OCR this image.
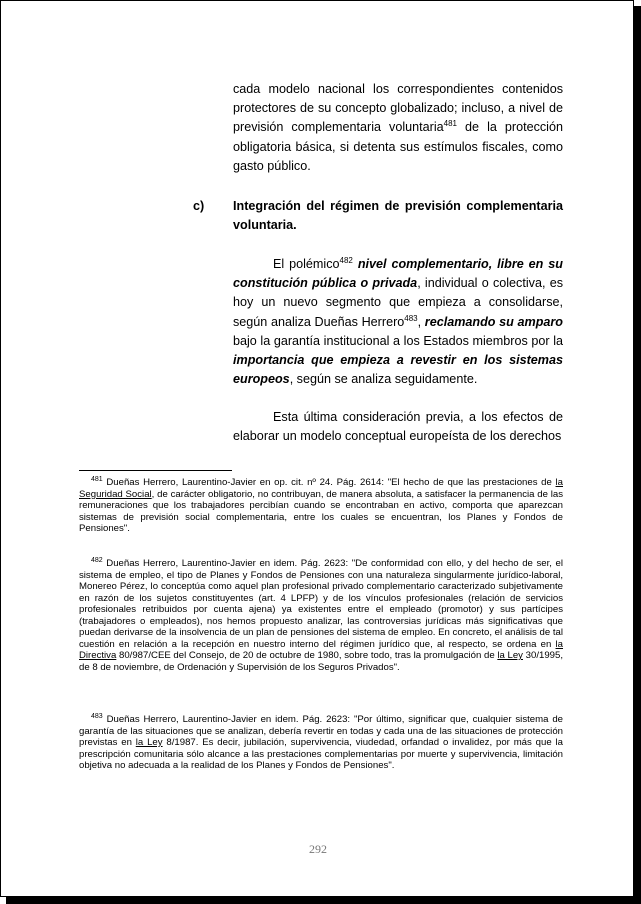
cada modelo nacional los correspondientes contenidos protectores de su concepto globalizado; incluso, a nivel de previsión complementaria voluntaria$^{481}$ de la protección obligatoria básica, si detenta sus estímulos fiscales, como gasto público.

c) Integración del régimen de previsión complementaria voluntaria.

El polémico$^{482}$ nivel complementario, libre en su constitución pública o privada, individual o colectiva, es hoy un nuevo segmento que empieza a consolidarse, según analiza Dueñas Herrero$^{483}$, reclamando su amparo bajo la garantía institucional a los Estados miembros por la importancia que empieza a revestir en los sistemas europeos, según se analiza seguidamente.

Esta última consideración previa, a los efectos de elaborar un modelo conceptual europeísta de los derechos

$^{481}$ Dueñas Herrero, Laurentino-Javier en op. cit. nº 24. Pág. 2614: "El hecho de que las prestaciones de la Seguridad Social, de carácter obligatorio, no contribuyan, de manera absoluta, a satisfacer la permanencia de las remuneraciones que los trabajadores percibían cuando se encontraban en activo, comporta que aparezcan sistemas de previsión social complementaria, entre los cuales se encuentran, los Planes y Fondos de Pensiones".

$^{482}$ Dueñas Herrero, Laurentino-Javier en idem. Pág. 2623: "De conformidad con ello, y del hecho de ser, el sistema de empleo, el tipo de Planes y Fondos de Pensiones con una naturaleza singularmente jurídico-laboral, Monereo Pérez, lo conceptúa como aquel plan profesional privado complementario caracterizado subjetivamente en razón de los sujetos constituyentes (art. 4 LPFP) y de los vínculos profesionales (relación de servicios profesionales retribuidos por cuenta ajena) ya existentes entre el empleado (promotor) y sus partícipes (trabajadores o empleados), nos hemos propuesto analizar, las controversias jurídicas más significativas que puedan derivarse de la insolvencia de un plan de pensiones del sistema de empleo. En concreto, el análisis de tal cuestión en relación a la recepción en nuestro interno del régimen jurídico que, al respecto, se ordena en la Directiva 80/987/CEE del Consejo, de 20 de octubre de 1980, sobre todo, tras la promulgación de la Ley 30/1995, de 8 de noviembre, de Ordenación y Supervisión de los Seguros Privados".

$^{483}$ Dueñas Herrero, Laurentino-Javier en idem. Pág. 2623: "Por último, significar que, cualquier sistema de garantía de las situaciones que se analizan, debería revertir en todas y cada una de las situaciones de protección previstas en la Ley 8/1987. Es decir, jubilación, supervivencia, viudedad, orfandad o invalidez, por más que la prescripción comunitaria sólo alcance a las prestaciones complementarias por muerte y supervivencia, limitación objetiva no adecuada a la realidad de los Planes y Fondos de Pensiones".

292
